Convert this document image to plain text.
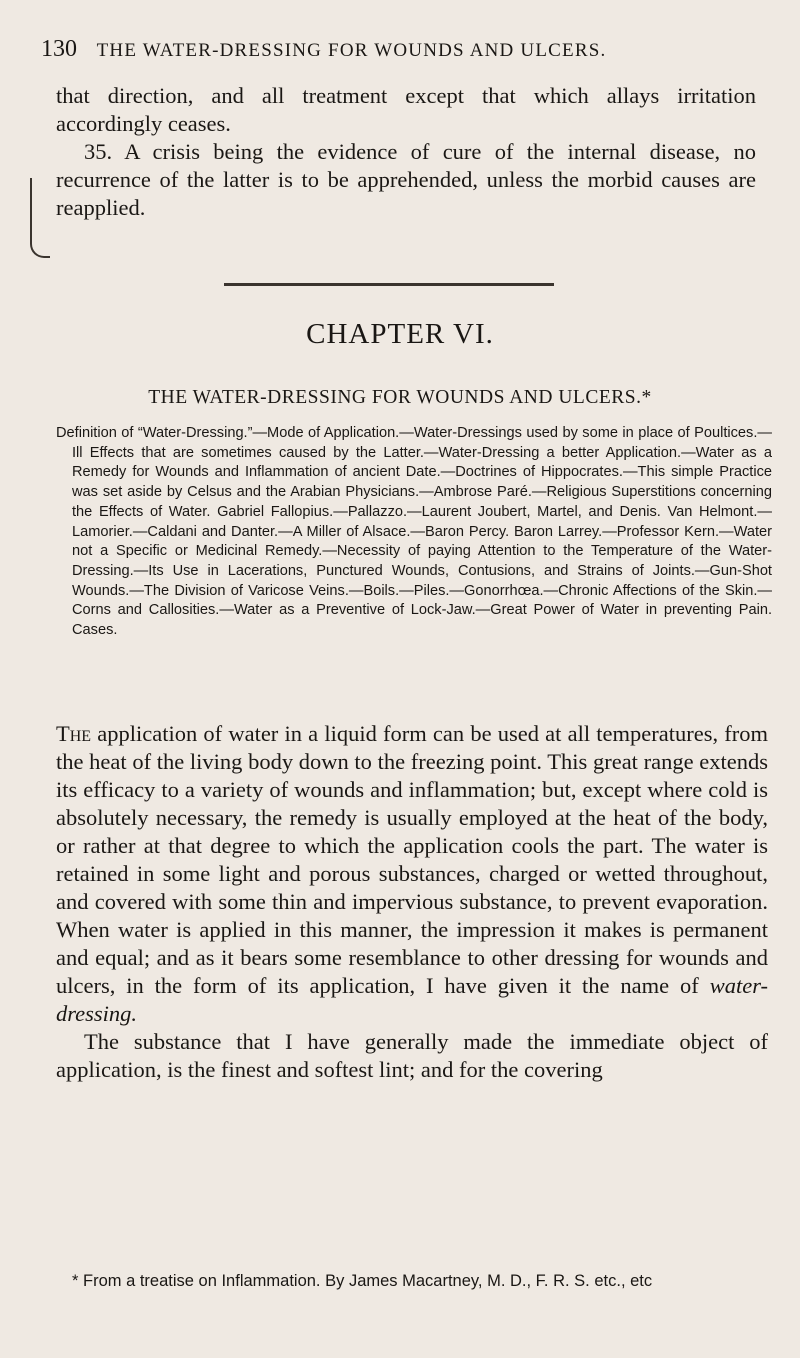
130 THE WATER-DRESSING FOR WOUNDS AND ULCERS.

that direction, and all treatment except that which allays irritation accordingly ceases.

35. A crisis being the evidence of cure of the internal disease, no recurrence of the latter is to be apprehended, unless the morbid causes are reapplied.

CHAPTER VI.
THE WATER-DRESSING FOR WOUNDS AND ULCERS.*
Definition of “Water-Dressing.”—Mode of Application.—Water-Dressings used by some in place of Poultices.—Ill Effects that are sometimes caused by the Latter.—Water-Dressing a better Application.—Water as a Remedy for Wounds and Inflammation of ancient Date.—Doctrines of Hippocrates.—This simple Practice was set aside by Celsus and the Arabian Physicians.—Ambrose Paré.—Religious Superstitions concerning the Effects of Water. Gabriel Fallopius.—Pallazzo.—Laurent Joubert, Martel, and Denis. Van Helmont.—Lamorier.—Caldani and Danter.—A Miller of Alsace.—Baron Percy. Baron Larrey.—Professor Kern.—Water not a Specific or Medicinal Remedy.—Necessity of paying Attention to the Temperature of the Water-Dressing.—Its Use in Lacerations, Punctured Wounds, Contusions, and Strains of Joints.—Gun-Shot Wounds.—The Division of Varicose Veins.—Boils.—Piles.—Gonorrhœa.—Chronic Affections of the Skin.—Corns and Callosities.—Water as a Preventive of Lock-Jaw.—Great Power of Water in preventing Pain. Cases.

The application of water in a liquid form can be used at all temperatures, from the heat of the living body down to the freezing point. This great range extends its efficacy to a variety of wounds and inflammation; but, except where cold is absolutely necessary, the remedy is usually employed at the heat of the body, or rather at that degree to which the application cools the part. The water is retained in some light and porous substances, charged or wetted throughout, and covered with some thin and impervious substance, to prevent evaporation. When water is applied in this manner, the impression it makes is permanent and equal; and as it bears some resemblance to other dressing for wounds and ulcers, in the form of its application, I have given it the name of water-dressing.

The substance that I have generally made the immediate object of application, is the finest and softest lint; and for the covering

* From a treatise on Inflammation. By James Macartney, M. D., F. R. S. etc., etc
